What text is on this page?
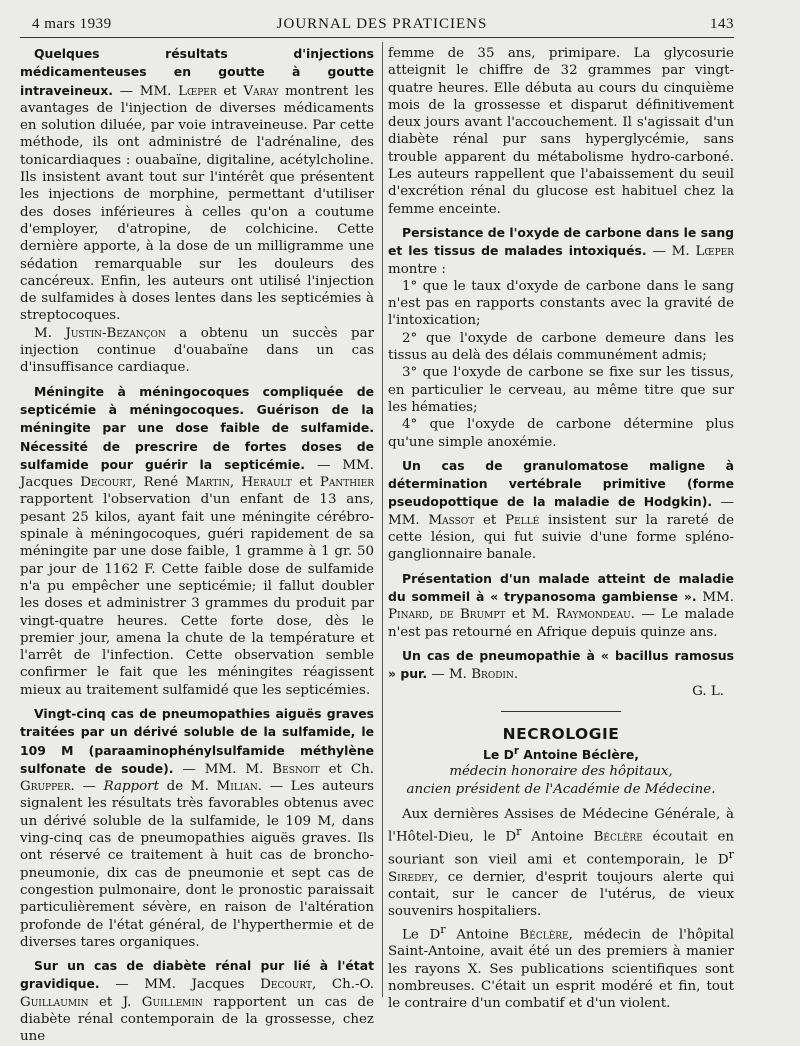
4 mars 1939	JOURNAL DES PRATICIENS	143

Quelques résultats d'injections médicamenteuses en goutte à goutte intraveineux. — MM. Lœper et Varay montrent les avantages de l'injection de diverses médicaments en solution diluée, par voie intraveineuse. Par cette méthode, ils ont administré de l'adrénaline, des tonicardiaques : ouabaïne, digitaline, acétylcholine. Ils insistent avant tout sur l'intérêt que présentent les injections de morphine, permettant d'utiliser des doses inférieures à celles qu'on a coutume d'employer, d'atropine, de colchicine. Cette dernière apporte, à la dose de un milligramme une sédation remarquable sur les douleurs des cancéreux. Enfin, les auteurs ont utilisé l'injection de sulfamides à doses lentes dans les septicémies à streptocoques.

M. Justin-Bezançon a obtenu un succès par injection continue d'ouabaïne dans un cas d'insuffisance cardiaque.

Méningite à méningocoques compliquée de septicémie à méningocoques. Guérison de la méningite par une dose faible de sulfamide. Nécessité de prescrire de fortes doses de sulfamide pour guérir la septicémie. — MM. Jacques Decourt, René Martin, Herault et Panthier rapportent l'observation d'un enfant de 13 ans, pesant 25 kilos, ayant fait une méningite cérébro-spinale à méningocoques, guéri rapidement de sa méningite par une dose faible, 1 gramme à 1 gr. 50 par jour de 1162 F. Cette faible dose de sulfamide n'a pu empêcher une septicémie; il fallut doubler les doses et administrer 3 grammes du produit par vingt-quatre heures. Cette forte dose, dès le premier jour, amena la chute de la température et l'arrêt de l'infection. Cette observation semble confirmer le fait que les méningites réagissent mieux au traitement sulfamidé que les septicémies.

Vingt-cinq cas de pneumopathies aiguës graves traitées par un dérivé soluble de la sulfamide, le 109 M (paraaminophénylsulfamide méthylène sulfonate de soude). — MM. M. Besnoit et Ch. Grupper. — Rapport de M. Milian. — Les auteurs signalent les résultats très favorables obtenus avec un dérivé soluble de la sulfamide, le 109 M, dans ving-cinq cas de pneumopathies aiguës graves. Ils ont réservé ce traitement à huit cas de broncho-pneumonie, dix cas de pneumonie et sept cas de congestion pulmonaire, dont le pronostic paraissait particulièrement sévère, en raison de l'altération profonde de l'état général, de l'hyperthermie et de diverses tares organiques.

Sur un cas de diabète rénal pur lié à l'état gravidique. — MM. Jacques Decourt, Ch.-O. Guillaumin et J. Guillemin rapportent un cas de diabète rénal contemporain de la grossesse, chez une

femme de 35 ans, primipare. La glycosurie atteignit le chiffre de 32 grammes par vingt-quatre heures. Elle débuta au cours du cinquième mois de la grossesse et disparut définitivement deux jours avant l'accouchement. Il s'agissait d'un diabète rénal pur sans hyperglycémie, sans trouble apparent du métabolisme hydro-carboné. Les auteurs rappellent que l'abaissement du seuil d'excrétion rénal du glucose est habituel chez la femme enceinte.

Persistance de l'oxyde de carbone dans le sang et les tissus de malades intoxiqués. — M. Lœper montre :

1° que le taux d'oxyde de carbone dans le sang n'est pas en rapports constants avec la gravité de l'intoxication;

2° que l'oxyde de carbone demeure dans les tissus au delà des délais communément admis;

3° que l'oxyde de carbone se fixe sur les tissus, en particulier le cerveau, au même titre que sur les hématies;

4° que l'oxyde de carbone détermine plus qu'une simple anoxémie.

Un cas de granulomatose maligne à détermination vertébrale primitive (forme pseudopottique de la maladie de Hodgkin). — MM. Massot et Pellé insistent sur la rareté de cette lésion, qui fut suivie d'une forme spléno-ganglionnaire banale.

Présentation d'un malade atteint de maladie du sommeil à « trypanosoma gambiense ». MM. Pinard, de Brumpt et M. Raymondeau. — Le malade n'est pas retourné en Afrique depuis quinze ans.

Un cas de pneumopathie à « bacillus ramosus » pur. — M. Brodin.

G. L.

NECROLOGIE

Le $D^r$ Antoine Béclère,

médecin honoraire des hôpitaux,

ancien président de l'Académie de Médecine.

Aux dernières Assises de Médecine Générale, à l'Hôtel-Dieu, le $D^r$ Antoine Béclère écoutait en souriant son vieil ami et contemporain, le $D^r$ Siredey, ce dernier, d'esprit toujours alerte qui contait, sur le cancer de l'utérus, de vieux souvenirs hospitaliers.

Le $D^r$ Antoine Béclère, médecin de l'hôpital Saint-Antoine, avait été un des premiers à manier les rayons X. Ses publications scientifiques sont nombreuses. C'était un esprit modéré et fin, tout le contraire d'un combatif et d'un violent.
